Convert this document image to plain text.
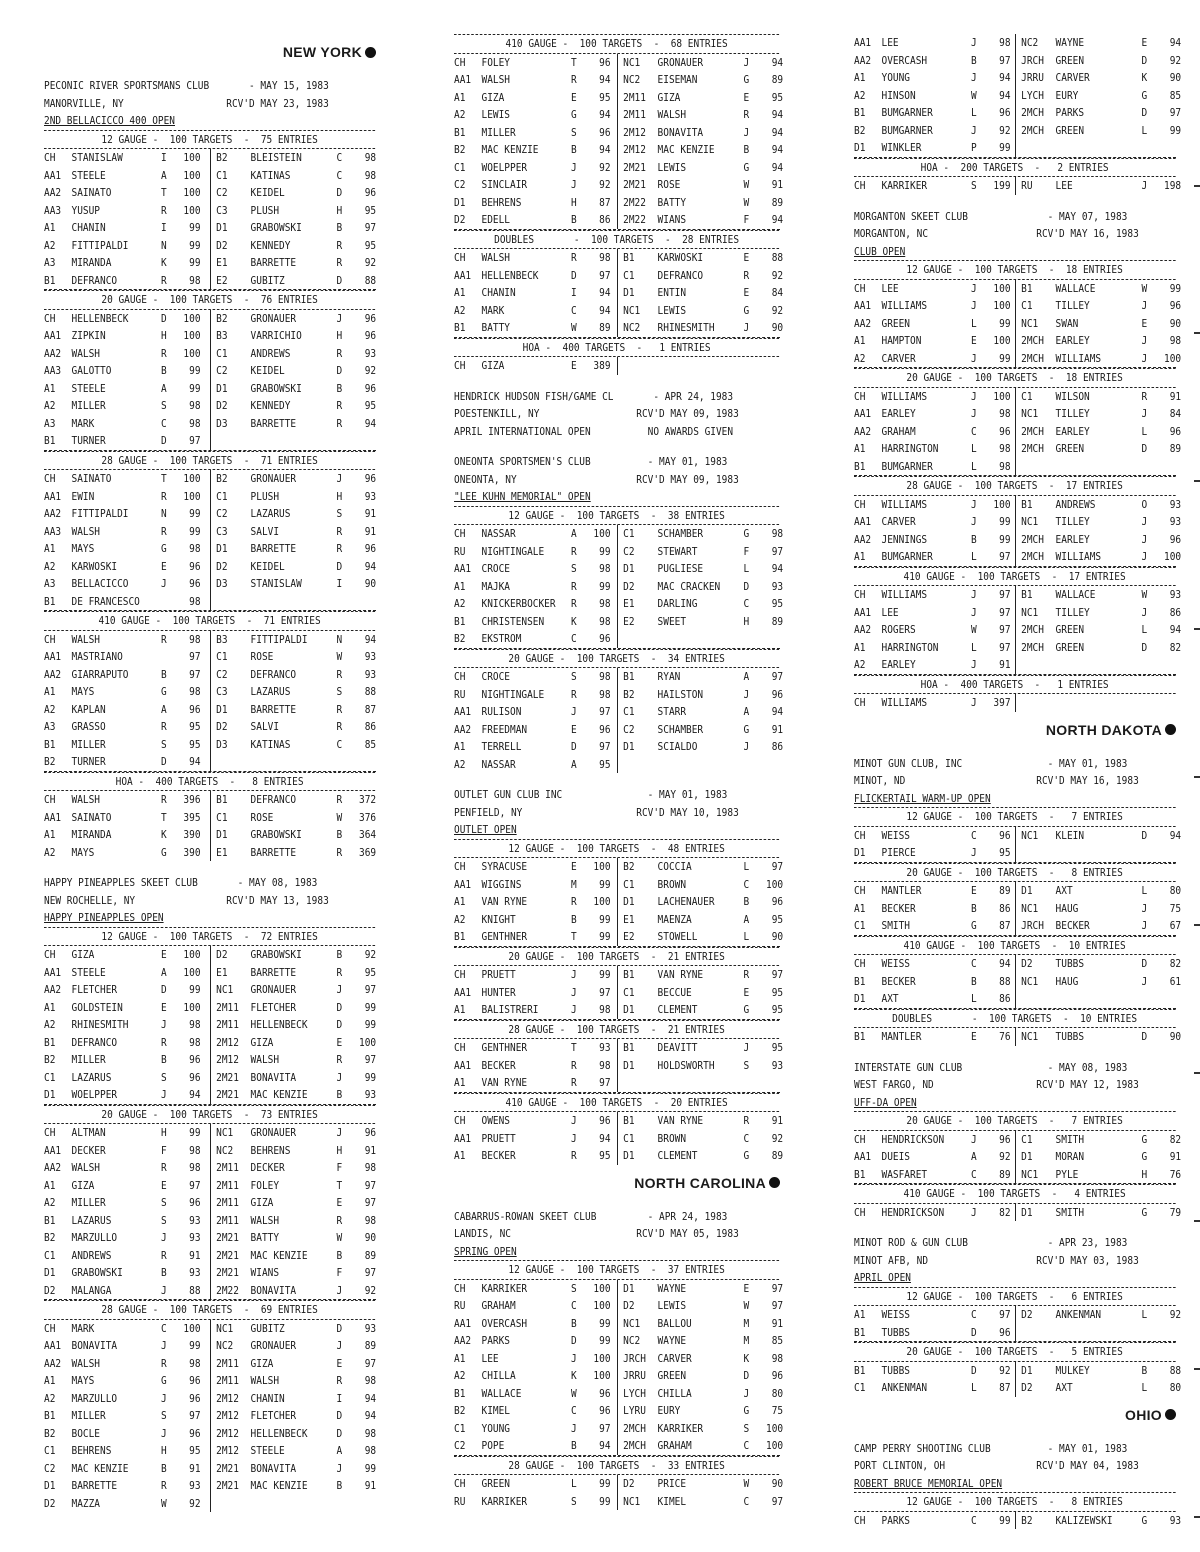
NEW YORK
PECONIC RIVER SPORTSMANS CLUB       - MAY 15, 1983
MANORVILLE, NY                  RCV'D MAY 23, 1983
2ND BELLACICCO 400 OPEN
12 GAUGE -  100 TARGETS  -  75 ENTRIES
CH STANISLAW	I 100	B2 BLEISTEIN	C 98
AA1 STEELE	A 100	C1 KATINAS	C 98
AA2 SAINATO	T 100	C2 KEIDEL	D 96
AA3 YUSUP	R 100	C3 PLUSH	H 95
A1 CHANIN	I 99	D1 GRABOWSKI	B 97
A2 FITTIPALDI	N 99	D2 KENNEDY	R 95
A3 MIRANDA	K 99	E1 BARRETTE	R 92
B1 DEFRANCO	R 98	E2 GUBITZ	D 88
20 GAUGE -  100 TARGETS  -  76 ENTRIES
CH HELLENBECK	D 100	B2 GRONAUER	J 96
AA1 ZIPKIN	H 100	B3 VARRICHIO	H 96
AA2 WALSH	R 100	C1 ANDREWS	R 93
AA3 GALOTTO	B 99	C2 KEIDEL	D 92
A1 STEELE	A 99	D1 GRABOWSKI	B 96
A2 MILLER	S 98	D2 KENNEDY	R 95
A3 MARK	C 98	D3 BARRETTE	R 94
B1 TURNER	D 97
28 GAUGE -  100 TARGETS  -  71 ENTRIES
CH SAINATO	T 100	B2 GRONAUER	J 96
AA1 EWIN	R 100	C1 PLUSH	H 93
AA2 FITTIPALDI	N 99	C2 LAZARUS	S 91
AA3 WALSH	R 99	C3 SALVI	R 91
A1 MAYS	G 98	D1 BARRETTE	R 96
A2 KARWOSKI	E 96	D2 KEIDEL	D 94
A3 BELLACICCO	J 96	D3 STANISLAW	I 90
B1 DE FRANCESCO	98
410 GAUGE -  100 TARGETS  -  71 ENTRIES
CH WALSH	R 98	B3 FITTIPALDI	N 94
AA1 MASTRIANO	97	C1 ROSE	W 93
AA2 GIARRAPUTO	B 97	C2 DEFRANCO	R 93
A1 MAYS	G 98	C3 LAZARUS	S 88
A2 KAPLAN	A 96	D1 BARRETTE	R 87
A3 GRASSO	R 95	D2 SALVI	R 86
B1 MILLER	S 95	D3 KATINAS	C 85
B2 TURNER	D 94
HOA -  400 TARGETS  -   8 ENTRIES
CH WALSH	R 396	B1 DEFRANCO	R 372
AA1 SAINATO	T 395	C1 ROSE	W 376
A1 MIRANDA	K 390	D1 GRABOWSKI	B 364
A2 MAYS	G 390	E1 BARRETTE	R 369
HAPPY PINEAPPLES SKEET CLUB       - MAY 08, 1983
NEW ROCHELLE, NY                RCV'D MAY 13, 1983
HAPPY PINEAPPLES OPEN
12 GAUGE -  100 TARGETS  -  72 ENTRIES
CH GIZA	E 100	D2 GRABOWSKI	B 92
AA1 STEELE	A 100	E1 BARRETTE	R 95
AA2 FLETCHER	D 99	NC1 GRONAUER	J 97
A1 GOLDSTEIN	E 100	2M11 FLETCHER	D 99
A2 RHINESMITH	J 98	2M11 HELLENBECK	D 99
B1 DEFRANCO	R 98	2M12 GIZA	E 100
B2 MILLER	B 96	2M12 WALSH	R 97
C1 LAZARUS	S 96	2M21 BONAVITA	J 99
D1 WOELPPER	J 94	2M21 MAC KENZIE	B 93
20 GAUGE -  100 TARGETS  -  73 ENTRIES
CH ALTMAN	H 99	NC1 GRONAUER	J 96
AA1 DECKER	F 98	NC2 BEHRENS	H 91
AA2 WALSH	R 98	2M11 DECKER	F 98
A1 GIZA	E 97	2M11 FOLEY	T 97
A2 MILLER	S 96	2M11 GIZA	E 97
B1 LAZARUS	S 93	2M11 WALSH	R 98
B2 MARZULLO	J 93	2M21 BATTY	W 90
C1 ANDREWS	R 91	2M21 MAC KENZIE	B 89
D1 GRABOWSKI	B 93	2M21 WIANS	F 97
D2 MALANGA	J 88	2M22 BONAVITA	J 92
28 GAUGE -  100 TARGETS  -  69 ENTRIES
CH MARK	C 100	NC1 GUBITZ	D 93
AA1 BONAVITA	J 99	NC2 GRONAUER	J 89
AA2 WALSH	R 98	2M11 GIZA	E 97
A1 MAYS	G 96	2M11 WALSH	R 98
A2 MARZULLO	J 96	2M12 CHANIN	I 94
B1 MILLER	S 97	2M12 FLETCHER	D 94
B2 BOCLE	J 96	2M12 HELLENBECK	D 98
C1 BEHRENS	H 95	2M12 STEELE	A 98
C2 MAC KENZIE	B 91	2M21 BONAVITA	J 99
D1 BARRETTE	R 93	2M21 MAC KENZIE	B 91
D2 MAZZA	W 92
410 GAUGE -  100 TARGETS  -  68 ENTRIES
CH FOLEY	T 96	NC1 GRONAUER	J 94
AA1 WALSH	R 94	NC2 EISEMAN	G 89
A1 GIZA	E 95	2M11 GIZA	E 95
A2 LEWIS	G 94	2M11 WALSH	R 94
B1 MILLER	S 96	2M12 BONAVITA	J 94
B2 MAC KENZIE	B 94	2M12 MAC KENZIE	B 94
C1 WOELPPER	J 92	2M21 LEWIS	G 94
C2 SINCLAIR	J 92	2M21 ROSE	W 91
D1 BEHRENS	H 87	2M22 BATTY	W 89
D2 EDELL	B 86	2M22 WIANS	F 94
DOUBLES       -  100 TARGETS  -  28 ENTRIES
CH WALSH	R 98	B1 KARWOSKI	E 88
AA1 HELLENBECK	D 97	C1 DEFRANCO	R 92
A1 CHANIN	I 94	D1 ENTIN	E 84
A2 MARK	C 94	NC1 LEWIS	G 92
B1 BATTY	W 89	NC2 RHINESMITH	J 90
HOA -  400 TARGETS  -   1 ENTRIES
CH GIZA	E 389
HENDRICK HUDSON FISH/GAME CL       - APR 24, 1983
POESTENKILL, NY                 RCV'D MAY 09, 1983
APRIL INTERNATIONAL OPEN          NO AWARDS GIVEN
ONEONTA SPORTSMEN'S CLUB          - MAY 01, 1983
ONEONTA, NY                     RCV'D MAY 09, 1983
"LEE KUHN MEMORIAL" OPEN
12 GAUGE -  100 TARGETS  -  38 ENTRIES
CH NASSAR	A 100	C1 SCHAMBER	G 98
RU NIGHTINGALE R 99	C2 STEWART	F 97
AA1 CROCE	S 98	D1 PUGLIESE	L 94
A1 MAJKA	R 99	D2 MAC CRACKEN D 93
A2 KNICKERBOCKER R 98	E1 DARLING	C 95
B1 CHRISTENSEN K 98	E2 SWEET	H 89
B2 EKSTROM	C 96
20 GAUGE -  100 TARGETS  -  34 ENTRIES
CH CROCE	S 98	B1 RYAN	A 97
RU NIGHTINGALE R 98	B2 HAILSTON	J 96
AA1 RULISON	J 97	C1 STARR	A 94
AA2 FREEDMAN	E 96	C2 SCHAMBER	G 91
A1 TERRELL	D 97	D1 SCIALDO	J 86
A2 NASSAR	A 95
OUTLET GUN CLUB INC               - MAY 01, 1983
PENFIELD, NY                    RCV'D MAY 10, 1983
OUTLET OPEN
12 GAUGE -  100 TARGETS  -  48 ENTRIES
CH SYRACUSE	E 100	B2 COCCIA	L 97
AA1 WIGGINS	M 99	C1 BROWN	C 100
A1 VAN RYNE	R 100	D1 LACHENAUER	B 96
A2 KNIGHT	B 99	E1 MAENZA	A 95
B1 GENTHNER	T 99	E2 STOWELL	L 90
20 GAUGE -  100 TARGETS  -  21 ENTRIES
CH PRUETT	J 99	B1 VAN RYNE	R 97
AA1 HUNTER	J 97	C1 BECCUE	E 95
A1 BALISTRERI	J 98	D1 CLEMENT	G 95
28 GAUGE -  100 TARGETS  -  21 ENTRIES
CH GENTHNER	T 93	B1 DEAVITT	J 95
AA1 BECKER	R 98	D1 HOLDSWORTH	S 93
A1 VAN RYNE	R 97
410 GAUGE -  100 TARGETS  -  20 ENTRIES
CH OWENS	J 96	B1 VAN RYNE	R 91
AA1 PRUETT	J 94	C1 BROWN	C 92
A1 BECKER	R 95	D1 CLEMENT	G 89
NORTH CAROLINA
CABARRUS-ROWAN SKEET CLUB         - APR 24, 1983
LANDIS, NC                      RCV'D MAY 05, 1983
SPRING OPEN
12 GAUGE -  100 TARGETS  -  37 ENTRIES
CH KARRIKER	S 100	D1 WAYNE	E 97
RU GRAHAM	C 100	D2 LEWIS	W 97
AA1 OVERCASH	B 99	NC1 BALLOU	M 91
AA2 PARKS	D 99	NC2 WAYNE	M 85
A1 LEE	J 100	JRCH CARVER	K 98
A2 CHILLA	K 100	JRRU GREEN	D 96
B1 WALLACE	W 96	LYCH CHILLA	J 80
B2 KIMEL	C 96	LYRU EURY	G 75
C1 YOUNG	J 97	2MCH KARRIKER	S 100
C2 POPE	B 94	2MCH GRAHAM	C 100
28 GAUGE -  100 TARGETS  -  33 ENTRIES
CH GREEN	L 99	D2 PRICE	W 90
RU KARRIKER	S 99	NC1 KIMEL	C 97
AA1 LEE	J 98 NC2 WAYNE	E 94
AA2 OVERCASH	B 97 JRCH GREEN	D 92
A1 YOUNG	J 94 JRRU CARVER	K 90
A2 HINSON	W 94 LYCH EURY	G 85
B1 BUMGARNER	L 96 2MCH PARKS	D 97
B2 BUMGARNER	J 92 2MCH GREEN	L 99
D1 WINKLER	P 99
HOA -  200 TARGETS  -   2 ENTRIES
CH KARRIKER	S 199 RU LEE	J 198
MORGANTON SKEET CLUB              - MAY 07, 1983
MORGANTON, NC                   RCV'D MAY 16, 1983
CLUB OPEN
12 GAUGE -  100 TARGETS  -  18 ENTRIES
CH LEE	J 100 B1 WALLACE	W 99
AA1 WILLIAMS	J 100 C1 TILLEY	J 96
AA2 GREEN	L 99 NC1 SWAN	E 90
A1 HAMPTON	E 100 2MCH EARLEY	J 98
A2 CARVER	J 99 2MCH WILLIAMS	J 100
20 GAUGE -  100 TARGETS  -  18 ENTRIES
CH WILLIAMS	J 100 C1 WILSON	R 91
AA1 EARLEY	J 98 NC1 TILLEY	J 84
AA2 GRAHAM	C 96 2MCH EARLEY	L 96
A1 HARRINGTON	L 98 2MCH GREEN	D 89
B1 BUMGARNER	L 98
28 GAUGE -  100 TARGETS  -  17 ENTRIES
CH WILLIAMS	J 100 B1 ANDREWS	O 93
AA1 CARVER	J 99 NC1 TILLEY	J 93
AA2 JENNINGS	B 99 2MCH EARLEY	J 96
A1 BUMGARNER	L 97 2MCH WILLIAMS	J 100
410 GAUGE -  100 TARGETS  -  17 ENTRIES
CH WILLIAMS	J 97 B1 WALLACE	W 93
AA1 LEE	J 97 NC1 TILLEY	J 86
AA2 ROGERS	W 97 2MCH GREEN	L 94
A1 HARRINGTON	L 97 2MCH GREEN	D 82
A2 EARLEY	J 91
HOA -  400 TARGETS  -   1 ENTRIES
CH WILLIAMS	J 397
NORTH DAKOTA
MINOT GUN CLUB, INC               - MAY 01, 1983
MINOT, ND                       RCV'D MAY 16, 1983
FLICKERTAIL WARM-UP OPEN
12 GAUGE -  100 TARGETS  -   7 ENTRIES
CH WEISS	C 96 NC1 KLEIN	D 94
D1 PIERCE	J 95
20 GAUGE -  100 TARGETS  -   8 ENTRIES
CH MANTLER	E 89 D1 AXT	L 80
A1 BECKER	B 86 NC1 HAUG	J 75
C1 SMITH	G 87 JRCH BECKER	J 67
410 GAUGE -  100 TARGETS  -  10 ENTRIES
CH WEISS	C 94 D2 TUBBS	D 82
B1 BECKER	B 88 NC1 HAUG	J 61
D1 AXT	L 86
DOUBLES       -  100 TARGETS  -  10 ENTRIES
B1 MANTLER	E 76 NC1 TUBBS	D 90
INTERSTATE GUN CLUB               - MAY 08, 1983
WEST FARGO, ND                  RCV'D MAY 12, 1983
UFF-DA OPEN
20 GAUGE -  100 TARGETS  -   7 ENTRIES
CH HENDRICKSON J 96 C1 SMITH	G 82
AA1 DUEIS	A 92 D1 MORAN	G 91
B1 WASFARET	C 89 NC1 PYLE	H 76
410 GAUGE -  100 TARGETS  -   4 ENTRIES
CH HENDRICKSON J 82 D1 SMITH	G 79
MINOT ROD & GUN CLUB              - APR 23, 1983
MINOT AFB, ND                   RCV'D MAY 03, 1983
APRIL OPEN
12 GAUGE -  100 TARGETS  -   6 ENTRIES
A1 WEISS	C 97 D2 ANKENMAN	L 92
B1 TUBBS	D 96
20 GAUGE -  100 TARGETS  -   5 ENTRIES
B1 TUBBS	D 92 D1 MULKEY	B 88
C1 ANKENMAN	L 87 D2 AXT	L 80
OHIO
CAMP PERRY SHOOTING CLUB          - MAY 01, 1983
PORT CLINTON, OH                RCV'D MAY 04, 1983
ROBERT BRUCE MEMORIAL OPEN
12 GAUGE -  100 TARGETS  -   8 ENTRIES
CH PARKS	C 99 B2 KALIZEWSKI	G 93
